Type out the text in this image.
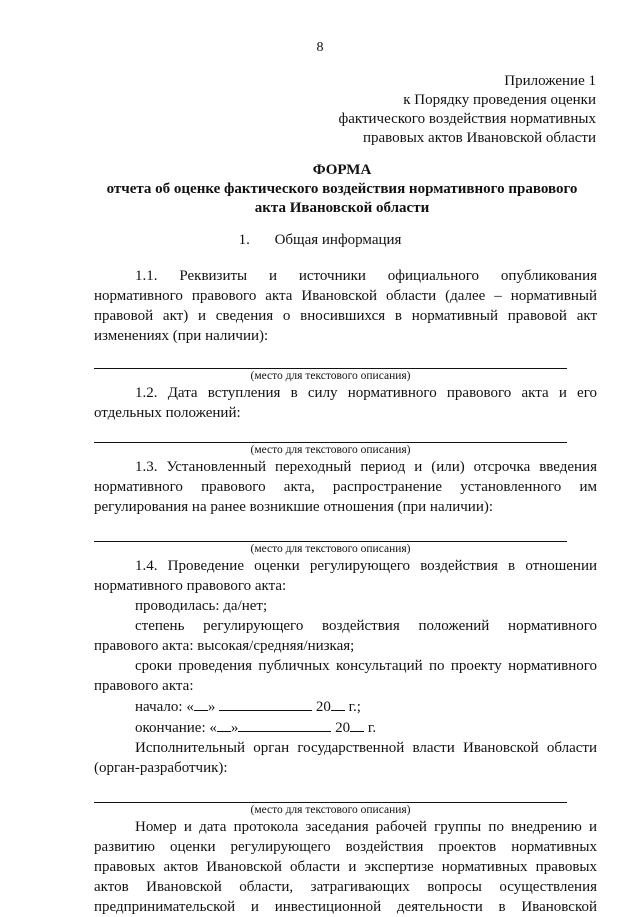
8
Приложение 1
к Порядку проведения оценки
фактического воздействия нормативных
правовых актов Ивановской области
ФОРМА
отчета об оценке фактического воздействия нормативного правового
акта Ивановской области
1. Общая информация
1.1. Реквизиты и источники официального опубликования нормативного правового акта Ивановской области (далее – нормативный правовой акт) и сведения о вносившихся в нормативный правовой акт изменениях (при наличии):
(место для текстового описания)
1.2. Дата вступления в силу нормативного правового акта и его отдельных положений:
(место для текстового описания)
1.3. Установленный переходный период и (или) отсрочка введения нормативного правового акта, распространение установленного им регулирования на ранее возникшие отношения (при наличии):
(место для текстового описания)
1.4. Проведение оценки регулирующего воздействия в отношении нормативного правового акта:
проводилась: да/нет;
степень регулирующего воздействия положений нормативного правового акта: высокая/средняя/низкая;
сроки проведения публичных консультаций по проекту нормативного правового акта:
начало: « »	20 г.;
окончание: « »	20 г.
Исполнительный орган государственной власти Ивановской области (орган-разработчик):
(место для текстового описания)
Номер и дата протокола заседания рабочей группы по внедрению и развитию оценки регулирующего воздействия проектов нормативных правовых актов Ивановской области и экспертизе нормативных правовых актов Ивановской области, затрагивающих вопросы осуществления предпринимательской и инвестиционной деятельности в Ивановской
